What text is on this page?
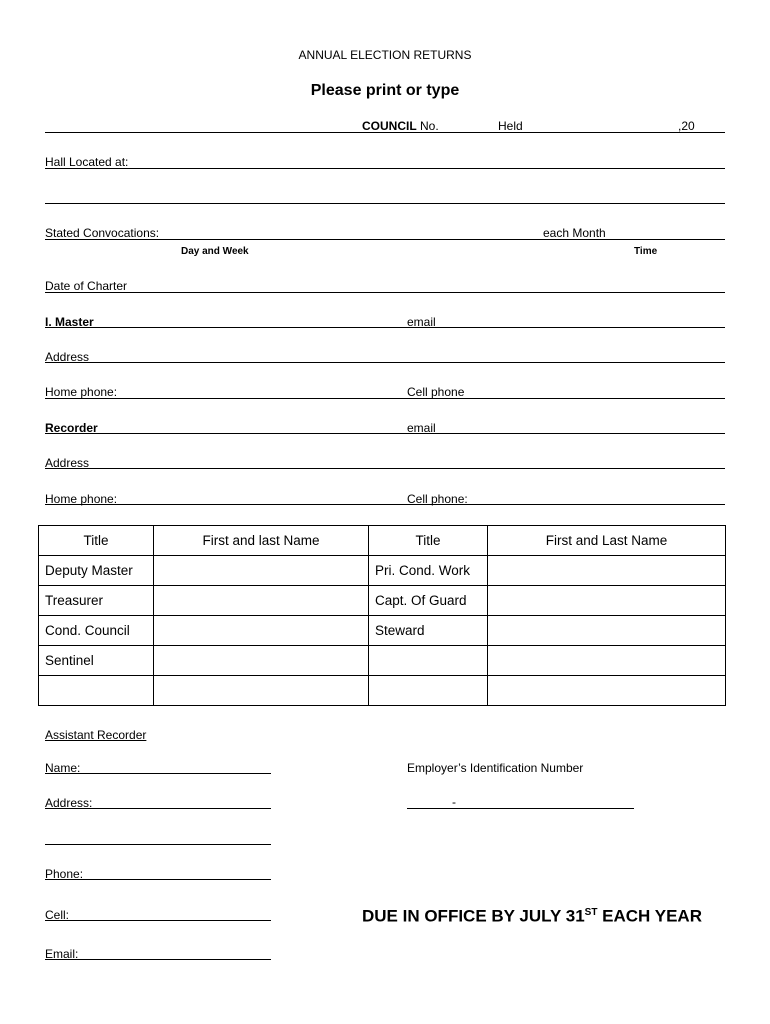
ANNUAL ELECTION RETURNS
Please print or type
COUNCIL No.	Held	,20
Hall Located at:
Stated Convocations:	each Month
Day and Week	Time
Date of Charter
I. Master	email
Address
Home phone:	Cell phone
Recorder	email
Address
Home phone:	Cell phone:
Title	First and last Name	Title	First and Last Name
Deputy Master		Pri. Cond. Work	
Treasurer		Capt. Of Guard	
Cond. Council		Steward	
Sentinel			

Assistant Recorder
Name:
Address:
Phone:
Cell:
Email:
Employer’s Identification Number
-
DUE IN OFFICE BY JULY 31ST EACH YEAR
